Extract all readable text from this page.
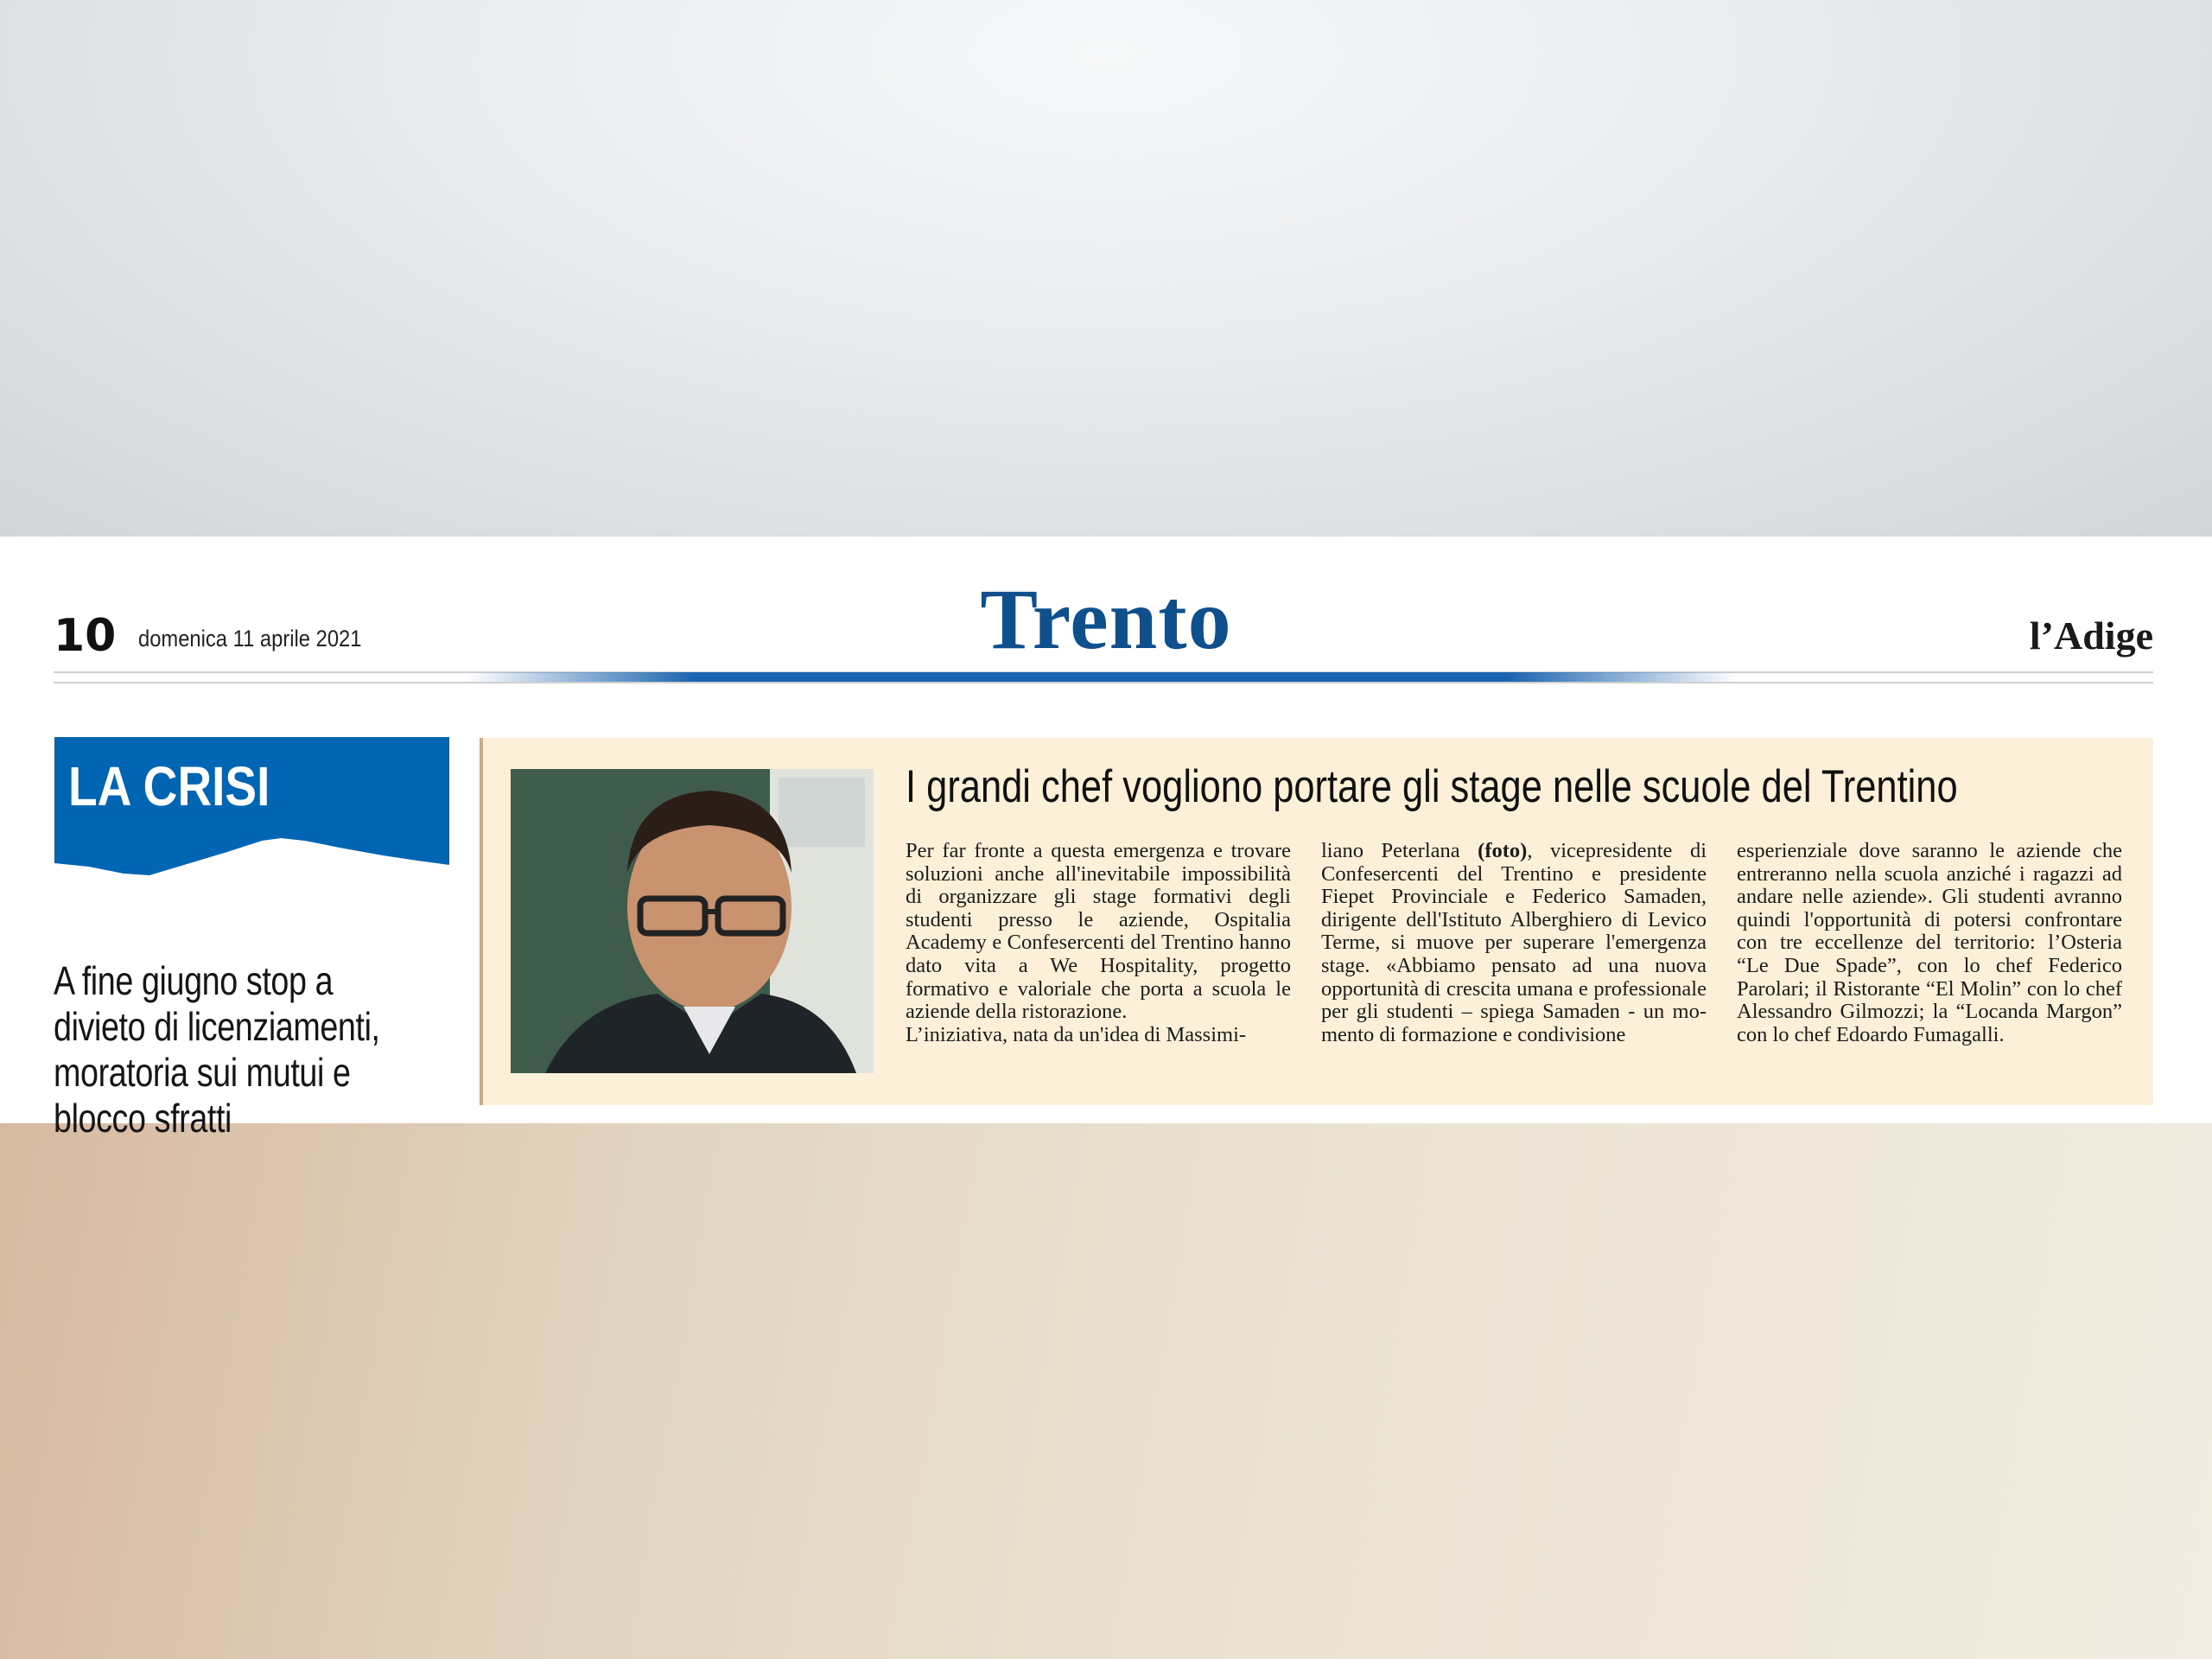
10 domenica 11 aprile 2021	Trento	l’Adige
LA CRISI
A fine giugno stop a divieto di licenziamenti, moratoria sui mutui e blocco sfratti
I grandi chef vogliono portare gli stage nelle scuole del Trentino

Per far fronte a questa emergenza e trovare soluzioni anche all'inevitabile impossibilità di organizzare gli stage formativi degli studenti presso le aziende, Ospitalia Academy e Confesercenti del Trentino hanno dato vita a We Hospitality, progetto formativo e valoriale che porta a scuola le aziende della ristorazione.

L’iniziativa, nata da un'idea di Massimi-

liano Peterlana (foto), vicepresidente di Confesercenti del Trentino e presidente Fiepet Provinciale e Federico Samaden, dirigente dell'Istituto Alberghiero di Levico Terme, si muove per superare l'emergenza stage. «Abbiamo pensato ad una nuova opportunità di crescita umana e professionale per gli studenti – spiega Samaden - un momento di formazione e condivisione

esperienziale dove saranno le aziende che entreranno nella scuola anziché i ragazzi ad andare nelle aziende». Gli studenti avranno quindi l'opportunità di potersi confrontare con tre eccellenze del territorio: l’Osteria “Le Due Spade”, con lo chef Federico Parolari; il Ristorante “El Molin” con lo chef Alessandro Gilmozzi; la “Locanda Margon” con lo chef Edoardo Fumagalli.
